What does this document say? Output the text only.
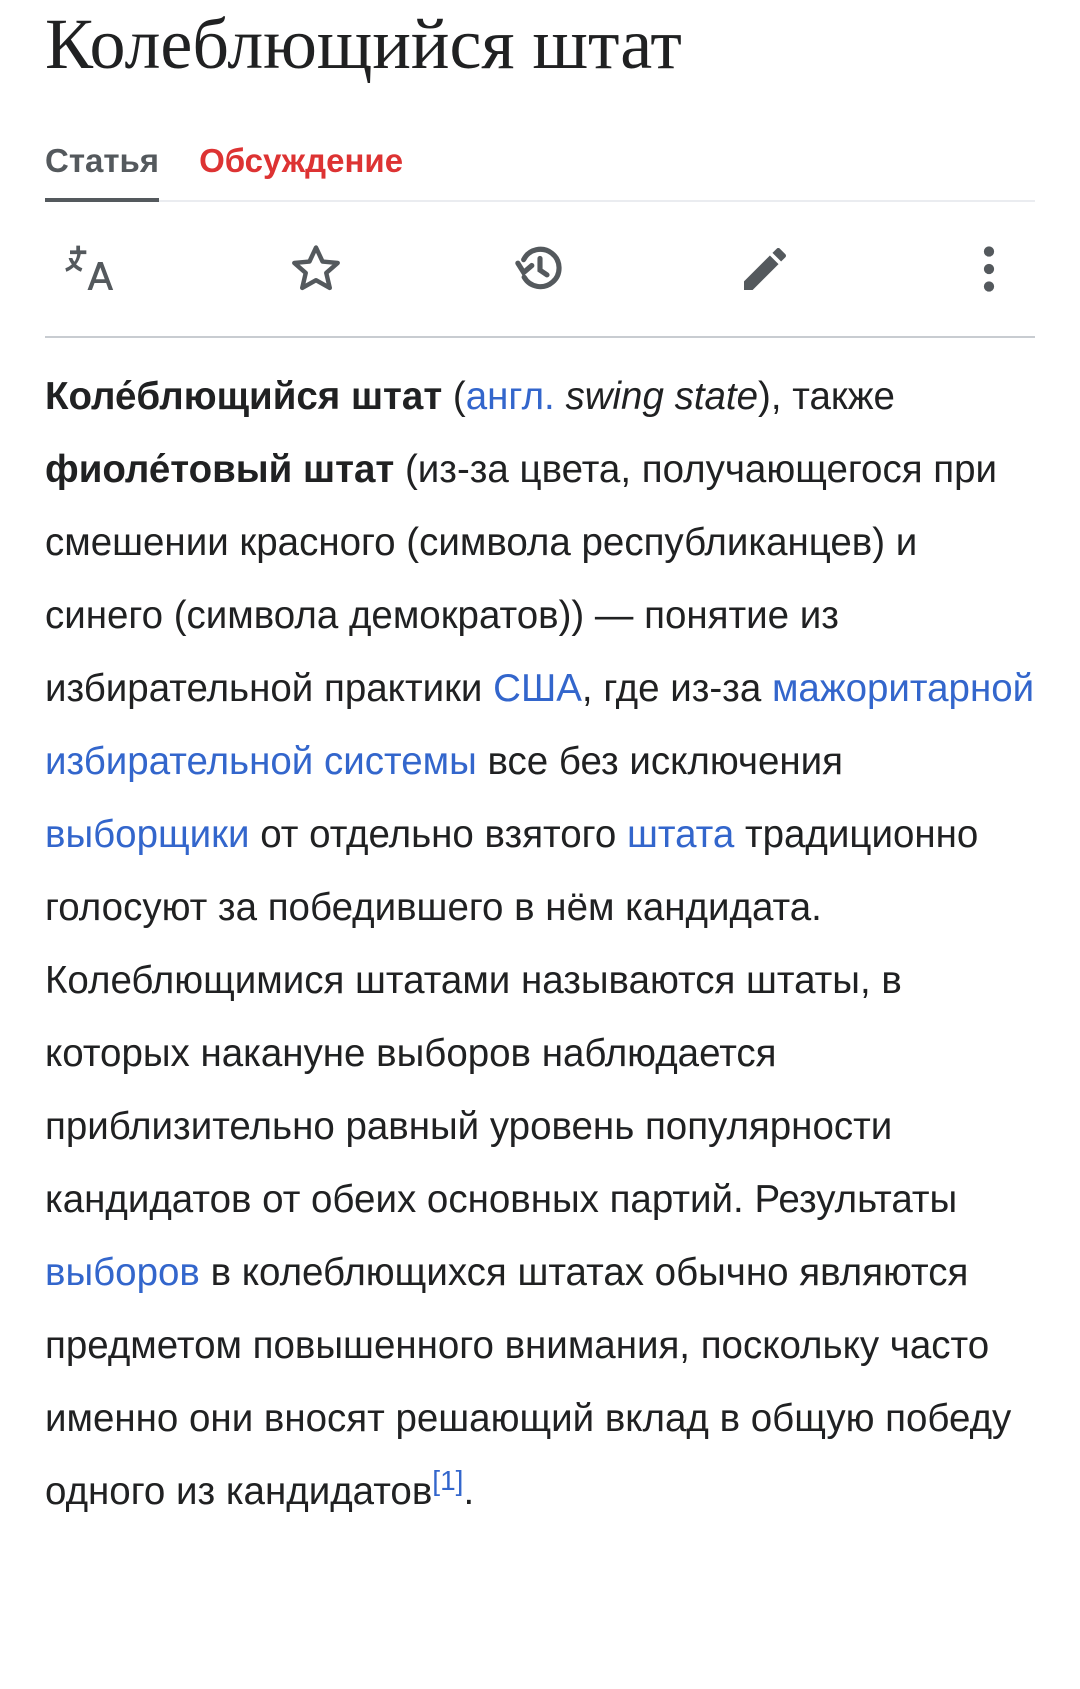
Колеблющийся штат
Статья Обсуждение
Коле́блющийся штат (англ. swing state), также фиоле́товый штат (из-за цвета, получающегося при смешении красного (символа республиканцев) и синего (символа демократов)) — понятие из избирательной практики США, где из-за мажоритарной избирательной системы все без исключения выборщики от отдельно взятого штата традиционно голосуют за победившего в нём кандидата. Колеблющимися штатами называются штаты, в которых накануне выборов наблюдается приблизительно равный уровень популярности кандидатов от обеих основных партий. Результаты выборов в колеблющихся штатах обычно являются предметом повышенного внимания, поскольку часто именно они вносят решающий вклад в общую победу одного из кандидатов[1].
